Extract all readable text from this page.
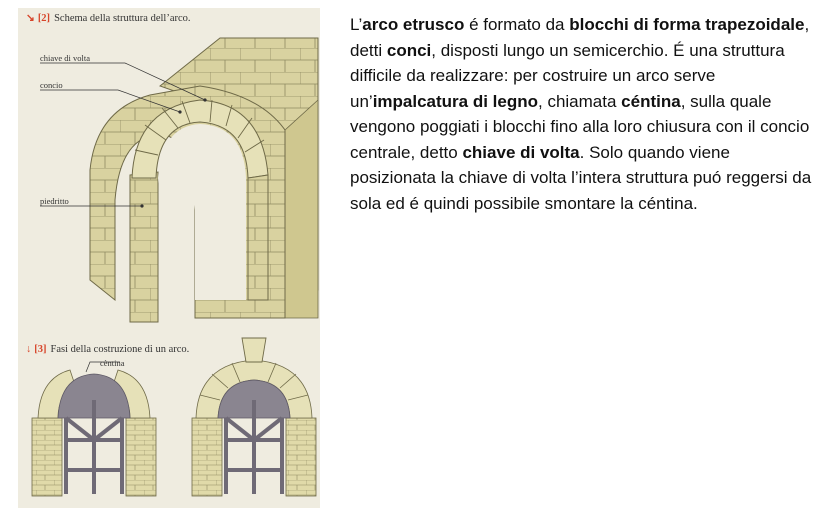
↘ [2] Schema della struttura dell’arco.
chiave di volta
concio
piedritto
↓ [3] Fasi della costruzione di un arco.
cèntina
L’arco etrusco é formato da blocchi di forma trapezoidale, detti conci, disposti lungo un semicerchio. É una struttura difficile da realizzare: per costruire un arco serve un’impalcatura di legno, chiamata céntina, sulla quale vengono poggiati i blocchi fino alla loro chiusura con il concio centrale, detto chiave di volta. Solo quando viene posizionata la chiave di volta l’intera struttura puó reggersi da sola ed é quindi possibile smontare la céntina.
